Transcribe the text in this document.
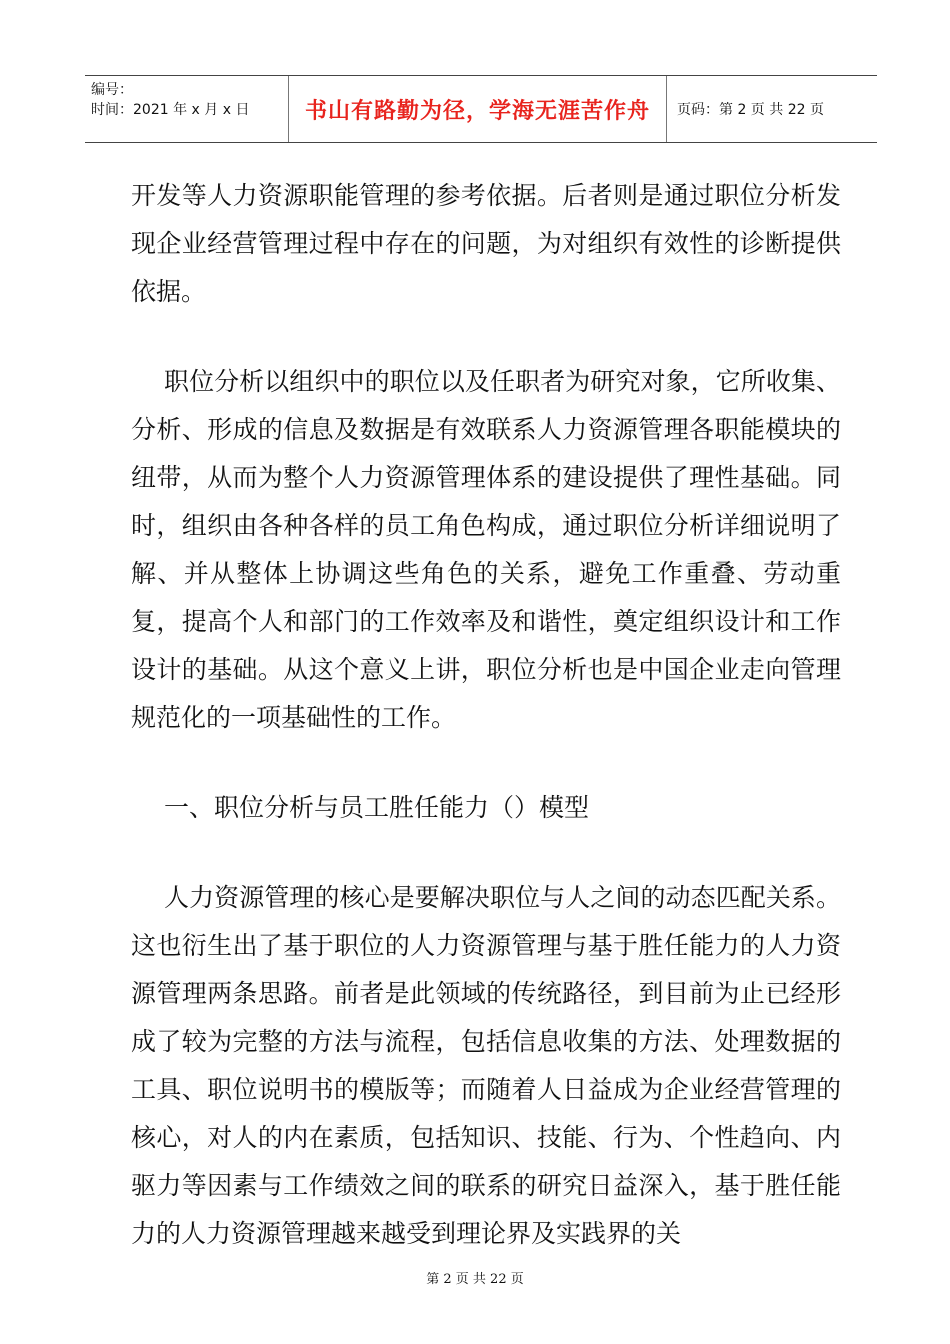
编号：
时间：2021 年 x 月 x 日	书山有路勤为径，学海无涯苦作舟	页码：第 2 页 共 22 页

开发等人力资源职能管理的参考依据。后者则是通过职位分析发现企业经营管理过程中存在的问题，为对组织有效性的诊断提供依据。

职位分析以组织中的职位以及任职者为研究对象，它所收集、分析、形成的信息及数据是有效联系人力资源管理各职能模块的纽带，从而为整个人力资源管理体系的建设提供了理性基础。同时，组织由各种各样的员工角色构成，通过职位分析详细说明了解、并从整体上协调这些角色的关系，避免工作重叠、劳动重复，提高个人和部门的工作效率及和谐性，奠定组织设计和工作设计的基础。从这个意义上讲，职位分析也是中国企业走向管理规范化的一项基础性的工作。

一、职位分析与员工胜任能力（）模型

人力资源管理的核心是要解决职位与人之间的动态匹配关系。这也衍生出了基于职位的人力资源管理与基于胜任能力的人力资源管理两条思路。前者是此领域的传统路径，到目前为止已经形成了较为完整的方法与流程，包括信息收集的方法、处理数据的工具、职位说明书的模版等；而随着人日益成为企业经营管理的核心，对人的内在素质，包括知识、技能、行为、个性趋向、内驱力等因素与工作绩效之间的联系的研究日益深入，基于胜任能力的人力资源管理越来越受到理论界及实践界的关

第 2 页 共 22 页
